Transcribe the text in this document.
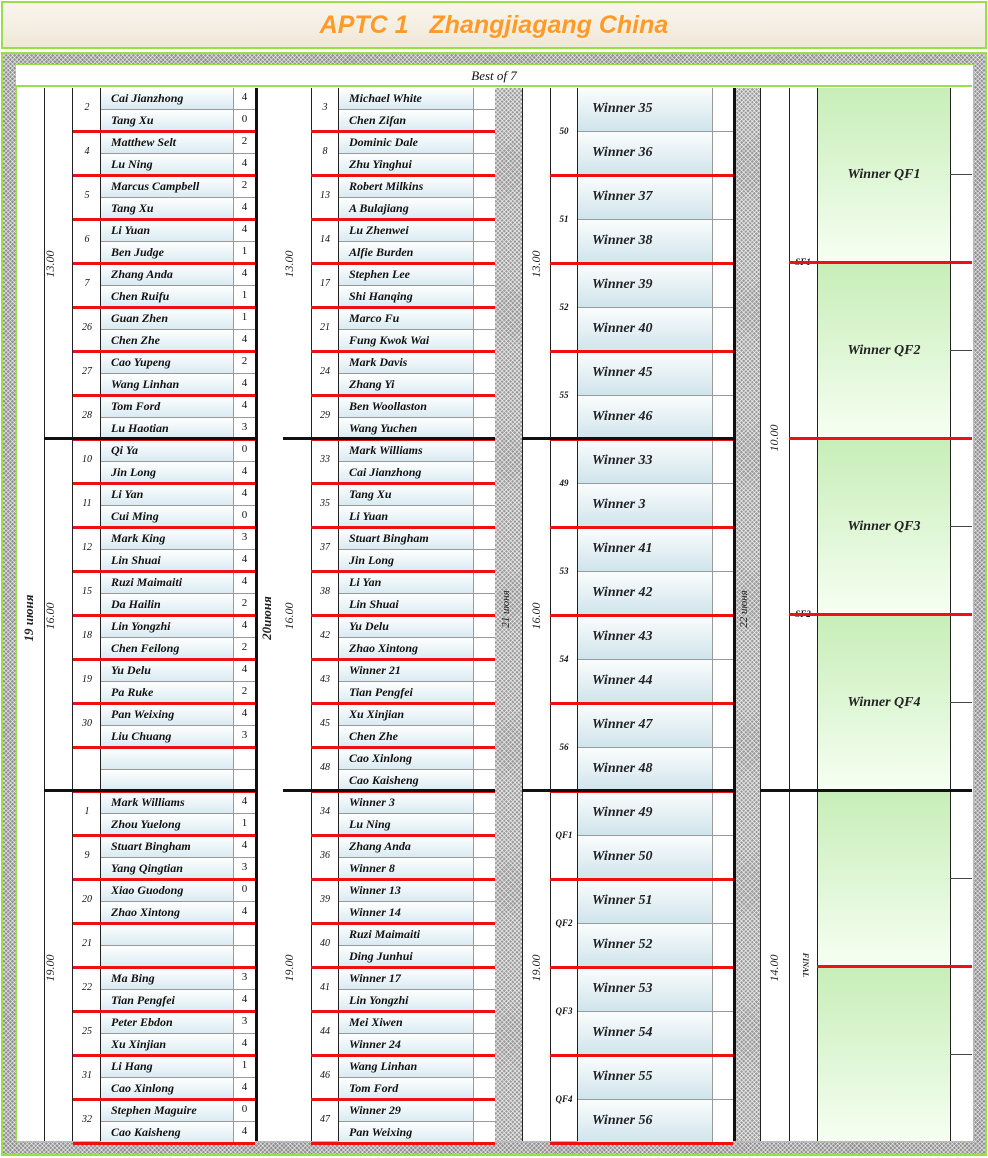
APTC 1   Zhangjiagang China
Best of 7
19 июня
13.00
16.00
19.00
20июня
13.00
16.00
19.00
21 июня
13.00
16.00
19.00
22 июня
10.00
14.00	FINAL
2
Cai Jianzhong	4
Tang Xu	0
4
Matthew Selt	2
Lu Ning	4
5
Marcus Campbell	2
Tang Xu	4
6
Li Yuan	4
Ben Judge	1
7
Zhang Anda	4
Chen Ruifu	1
26
Guan Zhen	1
Chen Zhe	4
27
Cao Yupeng	2
Wang Linhan	4
28
Tom Ford	4
Lu Haotian	3
10
Qi Ya	0
Jin Long	4
11
Li Yan	4
Cui Ming	0
12
Mark King	3
Lin Shuai	4
15
Ruzi Maimaiti	4
Da Hailin	2
18
Lin Yongzhi	4
Chen Feilong	2
19
Yu Delu	4
Pa Ruke	2
30
Pan Weixing	4
Liu Chuang	3
1
Mark Williams	4
Zhou Yuelong	1
9
Stuart Bingham	4
Yang Qingtian	3
20
Xiao Guodong	0
Zhao Xintong	4
21
22
Ma Bing	3
Tian Pengfei	4
25
Peter Ebdon	3
Xu Xinjian	4
31
Li Hang	1
Cao Xinlong	4
32
Stephen Maguire	0
Cao Kaisheng	4
3
Michael White
Chen Zifan
8
Dominic Dale
Zhu Yinghui
13
Robert Milkins
A Bulajiang
14
Lu Zhenwei
Alfie Burden
17
Stephen Lee
Shi Hanqing
21
Marco Fu
Fung Kwok Wai
24
Mark Davis
Zhang Yi
29
Ben Woollaston
Wang Yuchen
33
Mark Williams
Cai Jianzhong
35
Tang Xu
Li Yuan
37
Stuart Bingham
Jin Long
38
Li Yan
Lin Shuai
42
Yu Delu
Zhao Xintong
43
Winner 21
Tian Pengfei
45
Xu Xinjian
Chen Zhe
48
Cao Xinlong
Cao Kaisheng
34
Winner 3
Lu Ning
36
Zhang Anda
Winner 8
39
Winner 13
Winner 14
40
Ruzi Maimaiti
Ding Junhui
41
Winner 17
Lin Yongzhi
44
Mei Xiwen
Winner 24
46
Wang Linhan
Tom Ford
47
Winner 29
Pan Weixing
50
Winner 35
Winner 36
51
Winner 37
Winner 38
52
Winner 39
Winner 40
55
Winner 45
Winner 46
49
Winner 33
Winner 3
53
Winner 41
Winner 42
54
Winner 43
Winner 44
56
Winner 47
Winner 48
QF1
Winner 49
Winner 50
QF2
Winner 51
Winner 52
QF3
Winner 53
Winner 54
QF4
Winner 55
Winner 56
Winner QF1
Winner QF2
Winner QF3
Winner QF4
